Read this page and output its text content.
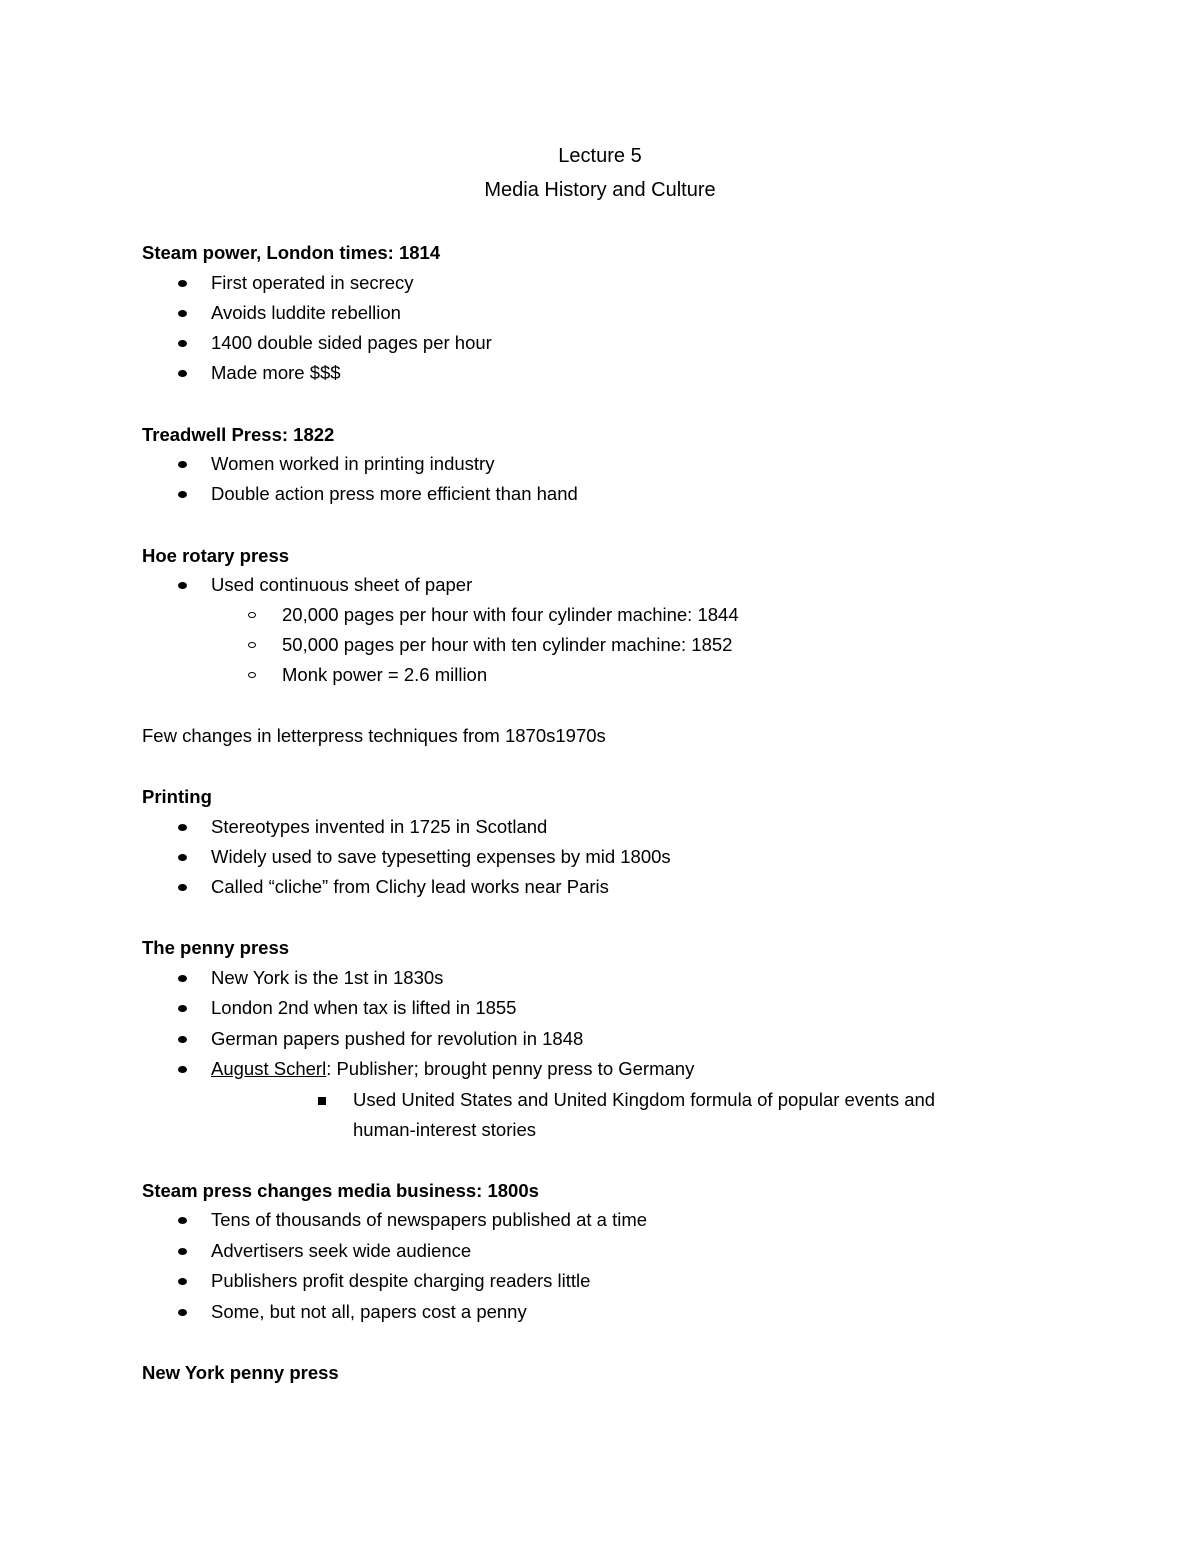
Lecture 5
Media History and Culture
Steam power, London times: 1814
First operated in secrecy
Avoids luddite rebellion
1400 double sided pages per hour
Made more $$$
Treadwell Press: 1822
Women worked in printing industry
Double action press more efficient than hand
Hoe rotary press
Used continuous sheet of paper
20,000 pages per hour with four cylinder machine: 1844
50,000 pages per hour with ten cylinder machine: 1852
Monk power = 2.6 million
Few changes in letterpress techniques from 1870s1970s
Printing
Stereotypes invented in 1725 in Scotland
Widely used to save typesetting expenses by mid 1800s
Called “cliche” from Clichy lead works near Paris
The penny press
New York is the 1st in 1830s
London 2nd when tax is lifted in 1855
German papers pushed for revolution in 1848
August Scherl: Publisher; brought penny press to Germany
Used United States and United Kingdom formula of popular events and
human-interest stories
Steam press changes media business: 1800s
Tens of thousands of newspapers published at a time
Advertisers seek wide audience
Publishers profit despite charging readers little
Some, but not all, papers cost a penny
New York penny press
